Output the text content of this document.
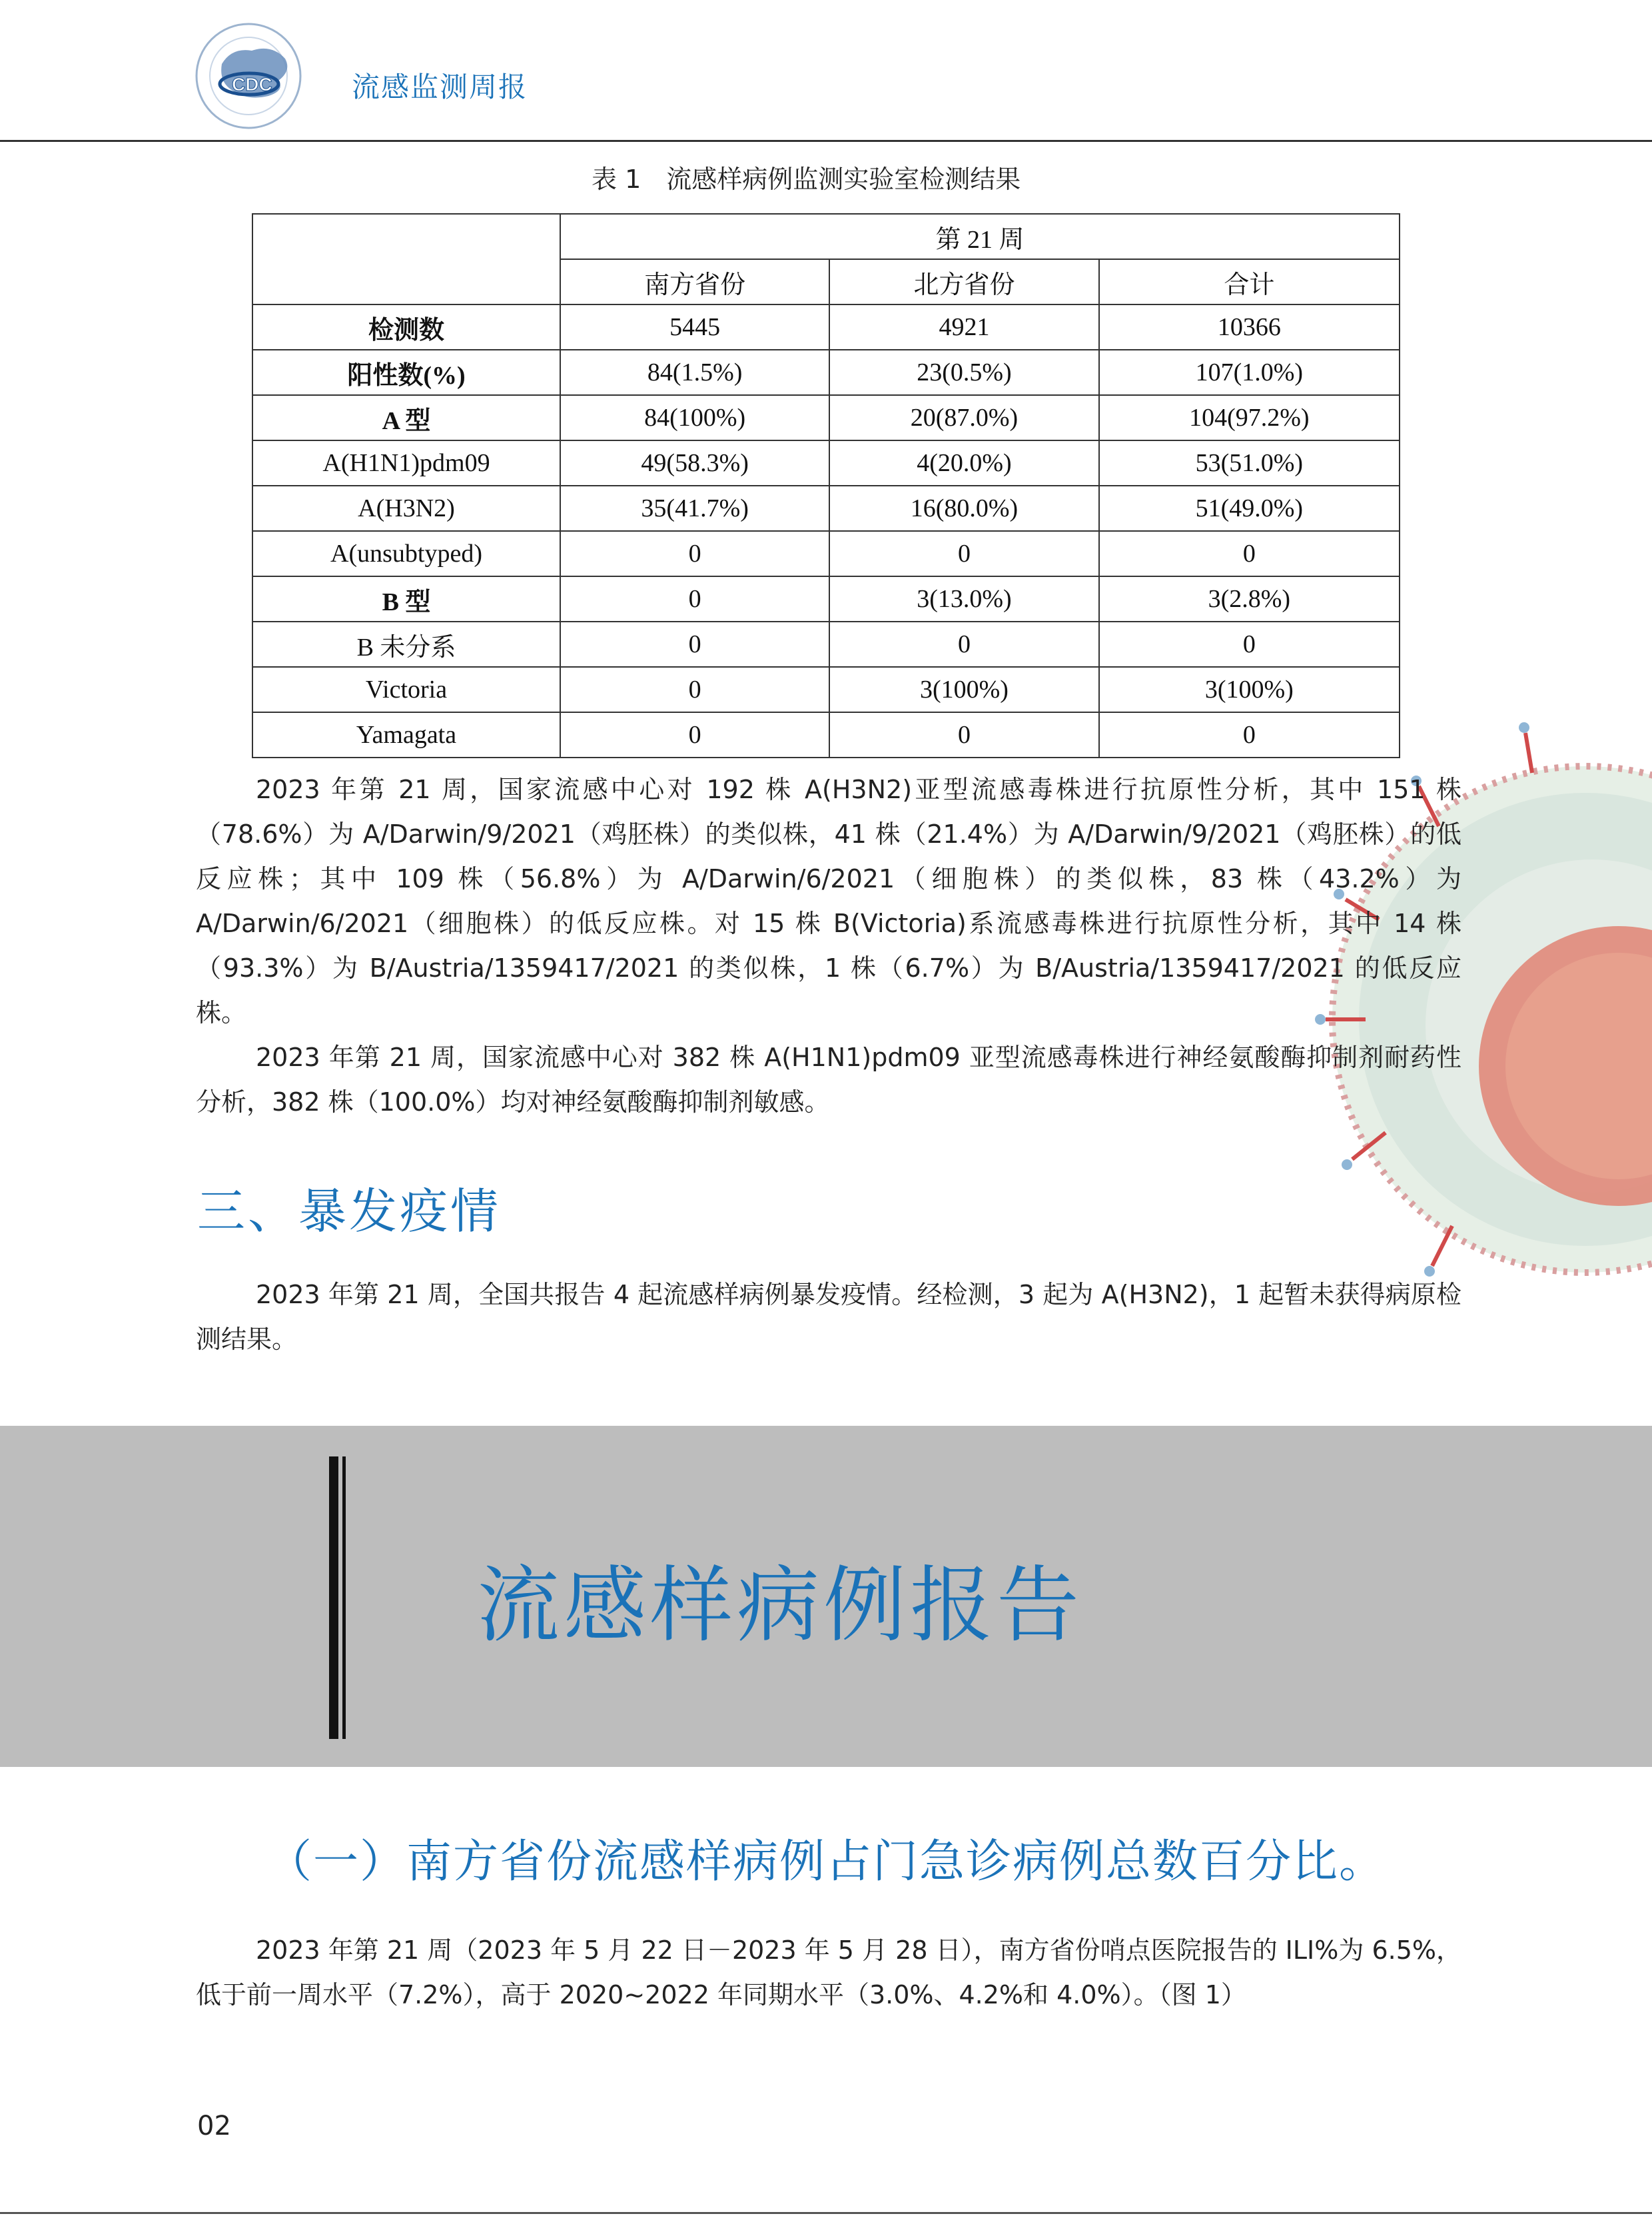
CDC	流感监测周报
表 1　流感样病例监测实验室检测结果
	第 21 周		
	南方省份	北方省份	合计
检测数	5445	4921	10366
阳性数(%)	84(1.5%)	23(0.5%)	107(1.0%)
A 型	84(100%)	20(87.0%)	104(97.2%)
A(H1N1)pdm09	49(58.3%)	4(20.0%)	53(51.0%)
A(H3N2)	35(41.7%)	16(80.0%)	51(49.0%)
A(unsubtyped)	0	0	0
B 型	0	3(13.0%)	3(2.8%)
B 未分系	0	0	0
Victoria	0	3(100%)	3(100%)
Yamagata	0	0	0
2023 年第 21 周，国家流感中心对 192 株 A(H3N2)亚型流感毒株进行抗原性分析，其中 151 株（78.6%）为 A/Darwin/9/2021（鸡胚株）的类似株，41 株（21.4%）为 A/Darwin/9/2021（鸡胚株）的低反应株；其中 109 株（56.8%）为 A/Darwin/6/2021（细胞株）的类似株，83 株（43.2%）为 A/Darwin/6/2021（细胞株）的低反应株。对 15 株 B(Victoria)系流感毒株进行抗原性分析，其中 14 株（93.3%）为 B/Austria/1359417/2021 的类似株，1 株（6.7%）为 B/Austria/1359417/2021 的低反应株。
2023 年第 21 周，国家流感中心对 382 株 A(H1N1)pdm09 亚型流感毒株进行神经氨酸酶抑制剂耐药性分析，382 株（100.0%）均对神经氨酸酶抑制剂敏感。
三、暴发疫情
2023 年第 21 周，全国共报告 4 起流感样病例暴发疫情。经检测，3 起为 A(H3N2)，1 起暂未获得病原检测结果。
流感样病例报告
（一）南方省份流感样病例占门急诊病例总数百分比。
2023 年第 21 周（2023 年 5 月 22 日－2023 年 5 月 28 日），南方省份哨点医院报告的 ILI%为 6.5%，低于前一周水平（7.2%），高于 2020~2022 年同期水平（3.0%、4.2%和 4.0%）。（图 1）
02
